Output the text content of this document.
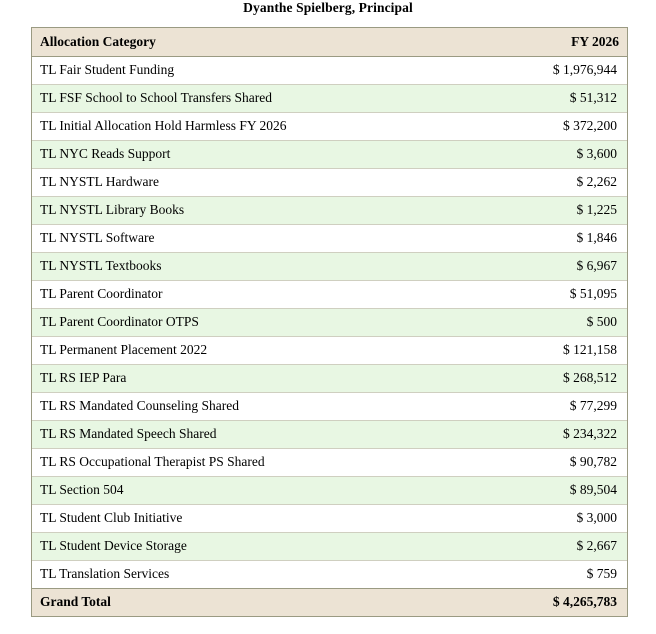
Dyanthe Spielberg, Principal
Allocation Category	FY 2026
TL Fair Student Funding	$ 1,976,944
TL FSF School to School Transfers Shared	$ 51,312
TL Initial Allocation Hold Harmless FY 2026	$ 372,200
TL NYC Reads Support	$ 3,600
TL NYSTL Hardware	$ 2,262
TL NYSTL Library Books	$ 1,225
TL NYSTL Software	$ 1,846
TL NYSTL Textbooks	$ 6,967
TL Parent Coordinator	$ 51,095
TL Parent Coordinator OTPS	$ 500
TL Permanent Placement 2022	$ 121,158
TL RS IEP Para	$ 268,512
TL RS Mandated Counseling Shared	$ 77,299
TL RS Mandated Speech Shared	$ 234,322
TL RS Occupational Therapist PS Shared	$ 90,782
TL Section 504	$ 89,504
TL Student Club Initiative	$ 3,000
TL Student Device Storage	$ 2,667
TL Translation Services	$ 759
Grand Total	$ 4,265,783
